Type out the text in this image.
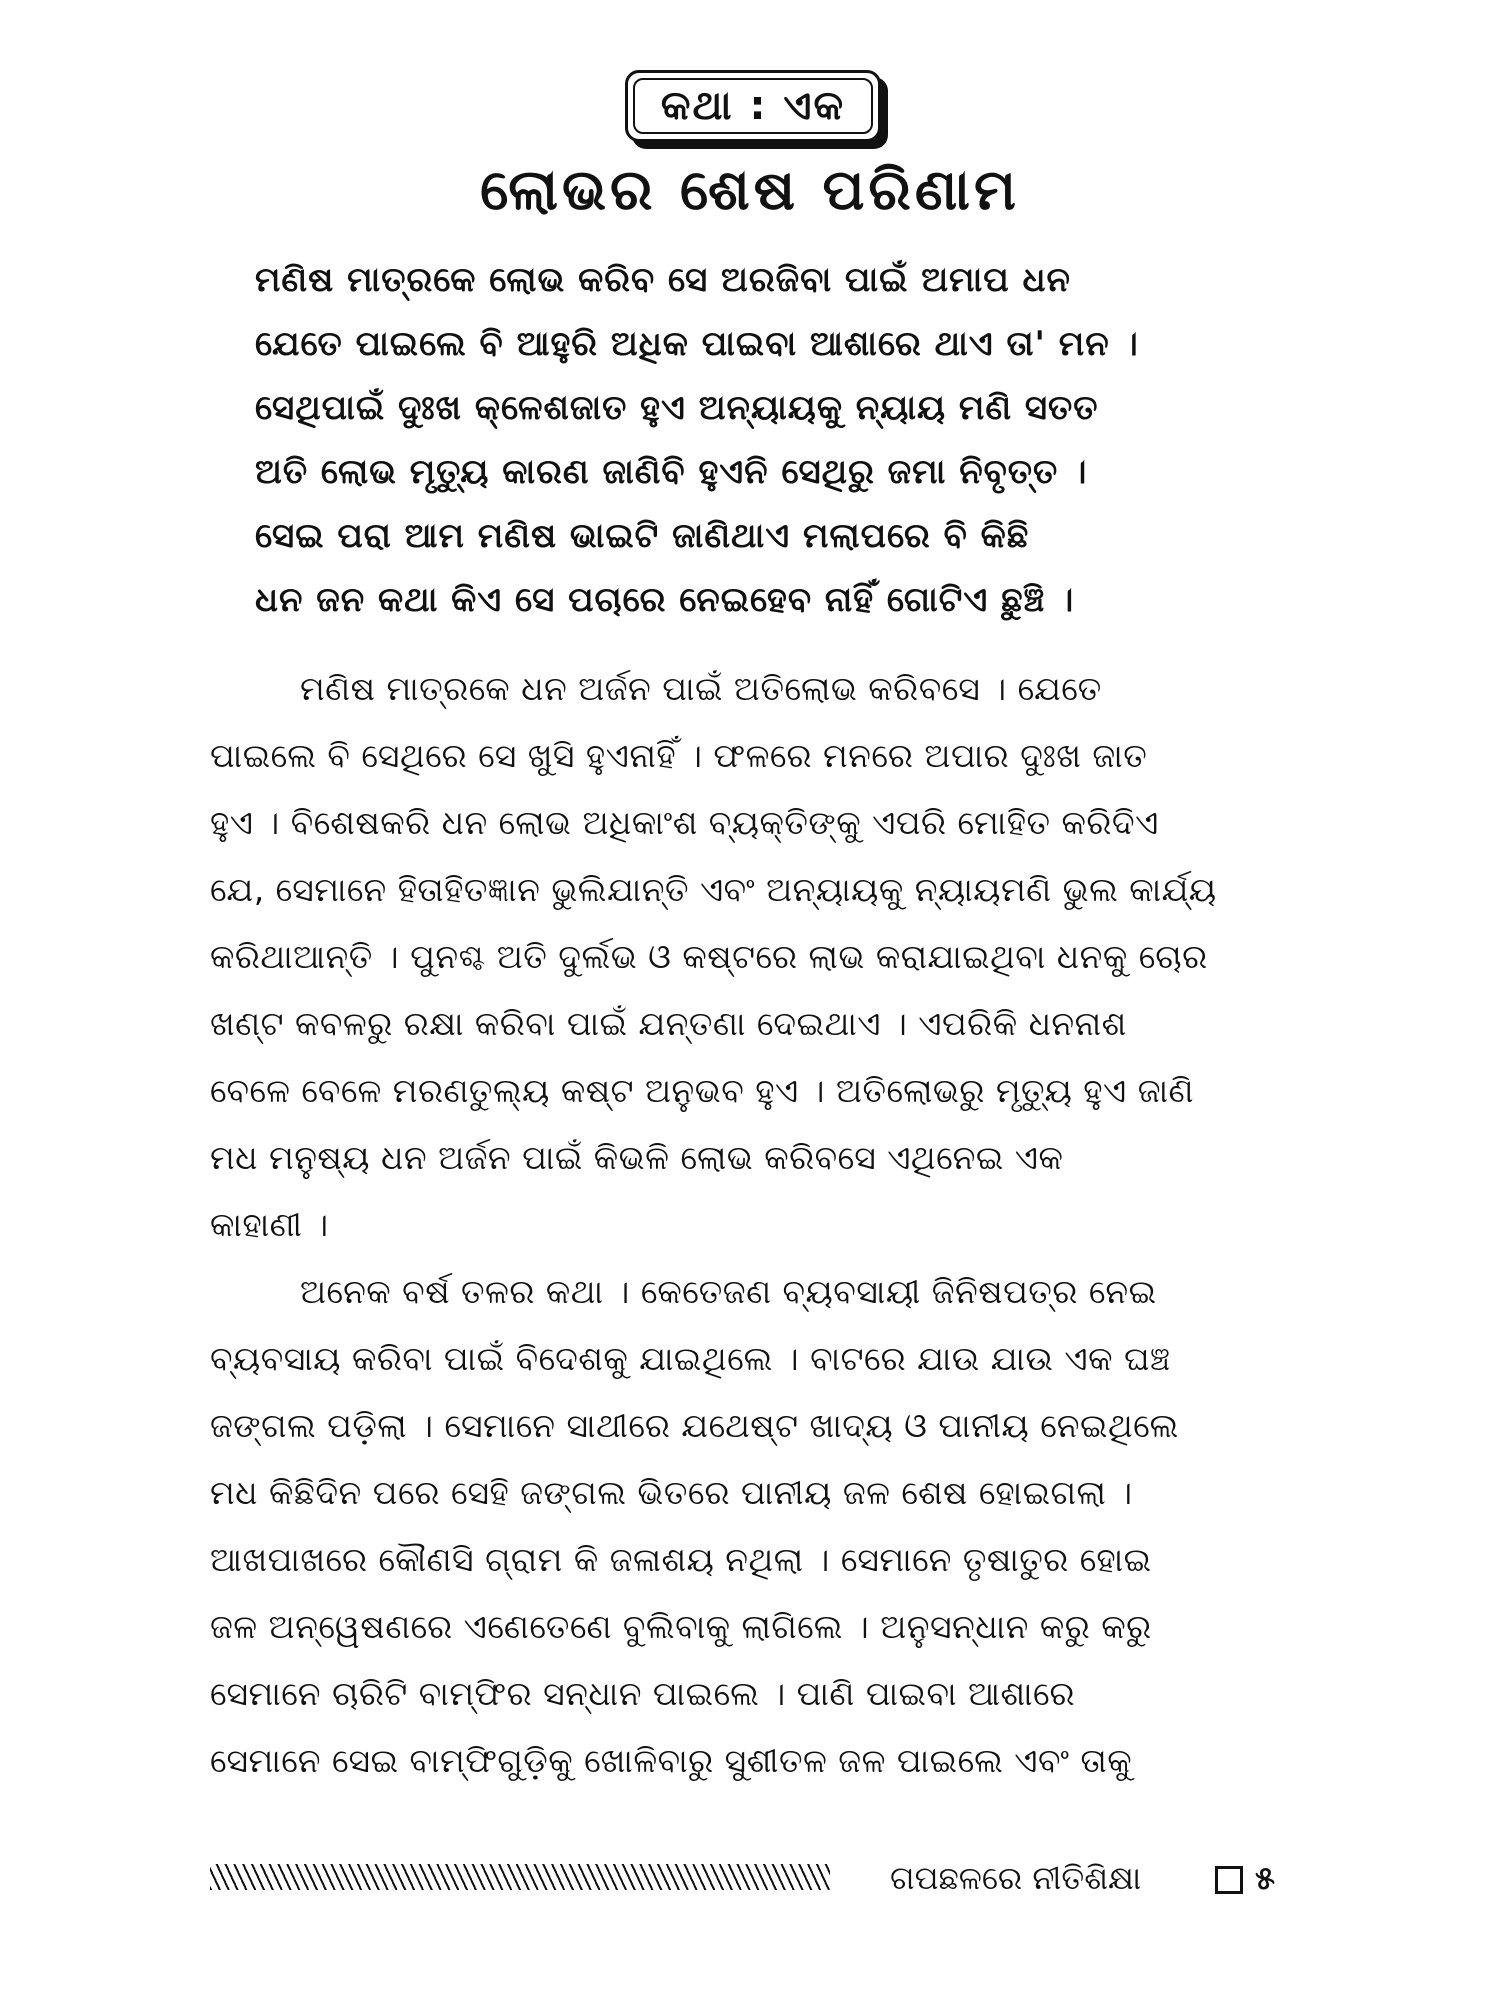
କଥା : ଏକ
ଲୋଭର ଶେଷ ପରିଣାମ
ମଣିଷ ମାତ୍ରକେ ଲୋଭ କରିବ ସେ ଅରଜିବା ପାଇଁ ଅମାପ ଧନ
ଯେତେ ପାଇଲେ ବି ଆହୁରି ଅଧିକ ପାଇବା ଆଶାରେ ଥାଏ ତା' ମନ ।
ସେଥିପାଇଁ ଦୁଃଖ କ୍ଳେଶଜାତ ହୁଏ ଅନ୍ୟାୟକୁ ନ୍ୟାୟ ମଣି ସତତ
ଅତି ଲୋଭ ମୃତ୍ୟୁ କାରଣ ଜାଣିବି ହୁଏନି ସେଥିରୁ ଜମା ନିବୃତ୍ତ ।
ସେଇ ପରା ଆମ ମଣିଷ ଭାଇଟି ଜାଣିଥାଏ ମଲାପରେ ବି କିଛି
ଧନ ଜନ କଥା କିଏ ସେ ପଚାରେ ନେଇହେବ ନାହିଁ ଗୋଟିଏ ଛୁଞ୍ଚି ।
ମଣିଷ ମାତ୍ରକେ ଧନ ଅର୍ଜନ ପାଇଁ ଅତିଲୋଭ କରିବସେ । ଯେତେ
ପାଇଲେ ବି ସେଥିରେ ସେ ଖୁସି ହୁଏନାହିଁ । ଫଳରେ ମନରେ ଅପାର ଦୁଃଖ ଜାତ
ହୁଏ । ବିଶେଷକରି ଧନ ଲୋଭ ଅଧିକାଂଶ ବ୍ୟକ୍ତିଙ୍କୁ ଏପରି ମୋହିତ କରିଦିଏ
ଯେ, ସେମାନେ ହିତାହିତଜ୍ଞାନ ଭୁଲିଯାନ୍ତି ଏବଂ ଅନ୍ୟାୟକୁ ନ୍ୟାୟମଣି ଭୁଲ କାର୍ଯ୍ୟ
କରିଥାଆନ୍ତି । ପୁନଶ୍ଚ ଅତି ଦୁର୍ଲଭ ଓ କଷ୍ଟରେ ଲାଭ କରାଯାଇଥିବା ଧନକୁ ଚୋର
ଖଣ୍ଟ କବଳରୁ ରକ୍ଷା କରିବା ପାଇଁ ଯନ୍ତଣା ଦେଇଥାଏ । ଏପରିକି ଧନନାଶ
ବେଳେ ବେଳେ ମରଣତୁଲ୍ୟ କଷ୍ଟ ଅନୁଭବ ହୁଏ । ଅତିଲୋଭରୁ ମୃତ୍ୟୁ ହୁଏ ଜାଣି
ମଧ ମନୁଷ୍ୟ ଧନ ଅର୍ଜନ ପାଇଁ କିଭଳି ଲୋଭ କରିବସେ ଏଥିନେଇ ଏକ
କାହାଣୀ ।
ଅନେକ ବର୍ଷ ତଳର କଥା । କେତେଜଣ ବ୍ୟବସାୟୀ ଜିନିଷପତ୍ର ନେଇ
ବ୍ୟବସାୟ କରିବା ପାଇଁ ବିଦେଶକୁ ଯାଇଥିଲେ । ବାଟରେ ଯାଉ ଯାଉ ଏକ ଘଞ୍ଚ
ଜଙ୍ଗଲ ପଡ଼ିଲା । ସେମାନେ ସାଥୀରେ ଯଥେଷ୍ଟ ଖାଦ୍ୟ ଓ ପାନୀୟ ନେଇଥିଲେ
ମଧ କିଛିଦିନ ପରେ ସେହି ଜଙ୍ଗଲ ଭିତରେ ପାନୀୟ ଜଳ ଶେଷ ହୋଇଗଲା ।
ଆଖପାଖରେ କୌଣସି ଗ୍ରାମ କି ଜଳାଶୟ ନଥିଲା । ସେମାନେ ତୃଷାତୁର ହୋଇ
ଜଳ ଅନ୍ୱେଷଣରେ ଏଣେତେଣେ ବୁଲିବାକୁ ଲାଗିଲେ । ଅନୁସନ୍ଧାନ କରୁ କରୁ
ସେମାନେ ଚାରିଟି ବାମ୍ଫିର ସନ୍ଧାନ ପାଇଲେ । ପାଣି ପାଇବା ଆଶାରେ
ସେମାନେ ସେଇ ବାମ୍ଫିଗୁଡ଼ିକୁ ଖୋଳିବାରୁ ସୁଶୀତଳ ଜଳ ପାଇଲେ ଏବଂ ତାକୁ
ଗପଛଳରେ ନୀତିଶିକ୍ଷା	୫
